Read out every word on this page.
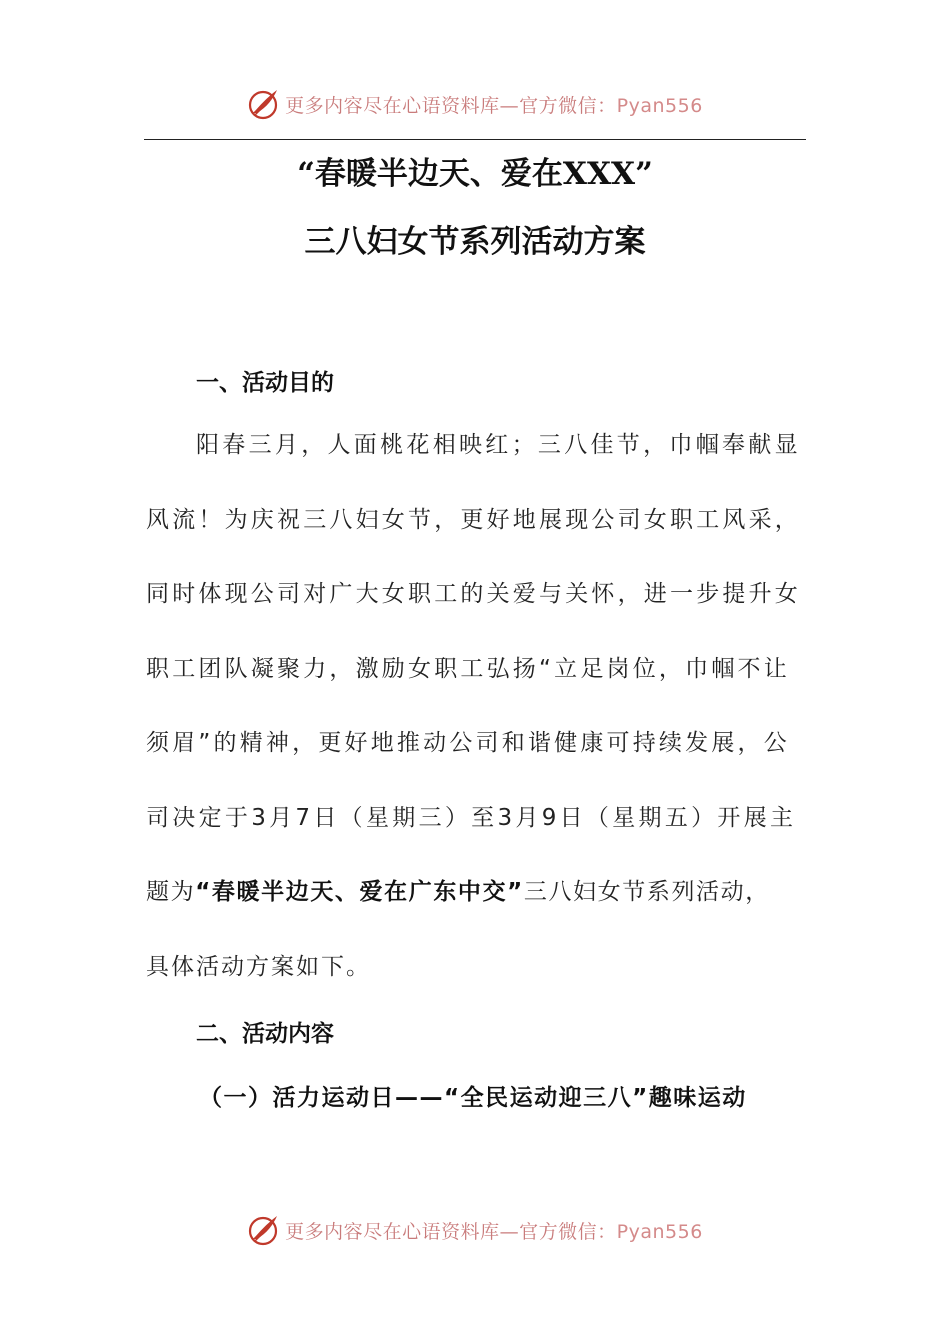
更多内容尽在心语资料库—官方微信：Pyan556
“春暖半边天、爱在XXX”
三八妇女节系列活动方案
一、活动目的
阳春三月，人面桃花相映红；三八佳节，巾帼奉献显
风流！为庆祝三八妇女节，更好地展现公司女职工风采，
同时体现公司对广大女职工的关爱与关怀，进一步提升女
职工团队凝聚力，激励女职工弘扬“立足岗位，巾帼不让
须眉”的精神，更好地推动公司和谐健康可持续发展，公
司决定于3月7日（星期三）至3月9日（星期五）开展主
题为“春暖半边天、爱在广东中交”三八妇女节系列活动，
具体活动方案如下。
二、活动内容
（一）活力运动日——“全民运动迎三八”趣味运动
更多内容尽在心语资料库—官方微信：Pyan556
